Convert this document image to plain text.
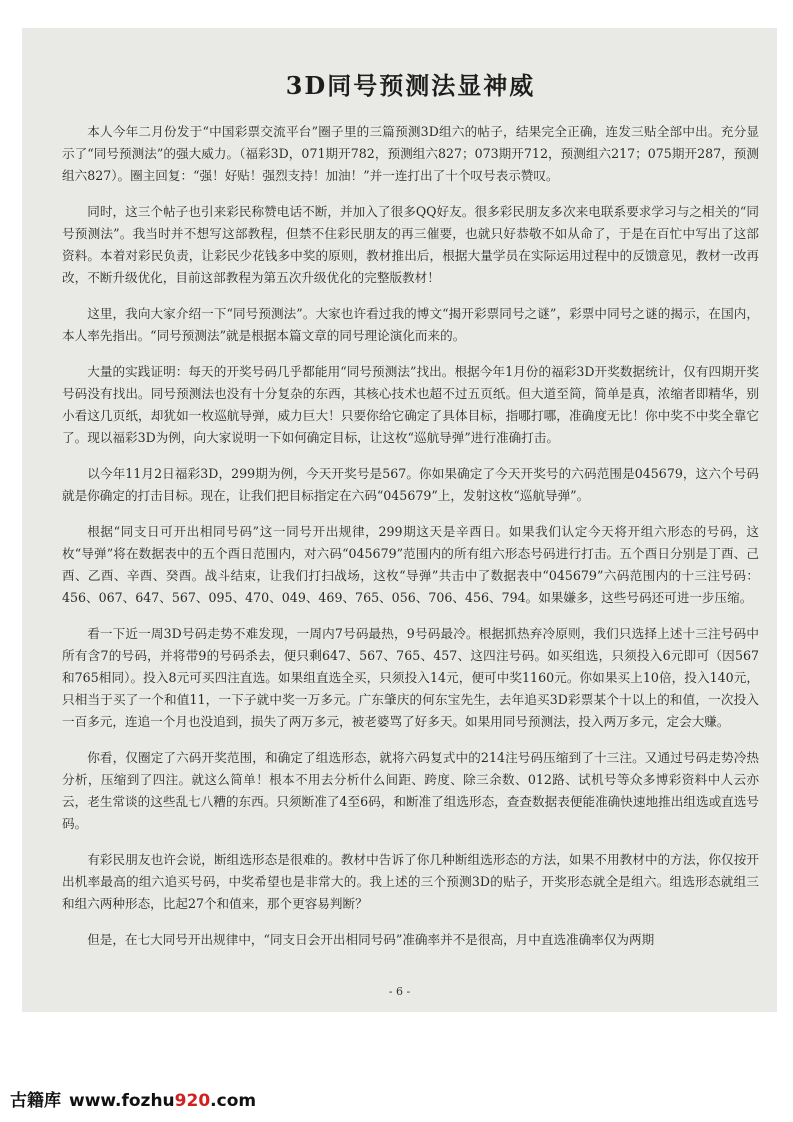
3D同号预测法显神威

本人今年二月份发于“中国彩票交流平台”圈子里的三篇预测3D组六的帖子，结果完全正确，连发三贴全部中出。充分显示了“同号预测法”的强大威力。（福彩3D，071期开782，预测组六827；073期开712，预测组六217；075期开287，预测组六827）。圈主回复：“强！好贴！强烈支持！加油！”并一连打出了十个叹号表示赞叹。

同时，这三个帖子也引来彩民称赞电话不断，并加入了很多QQ好友。很多彩民朋友多次来电联系要求学习与之相关的“同号预测法”。我当时并不想写这部教程，但禁不住彩民朋友的再三催要，也就只好恭敬不如从命了，于是在百忙中写出了这部资料。本着对彩民负责，让彩民少花钱多中奖的原则，教材推出后，根据大量学员在实际运用过程中的反馈意见，教材一改再改，不断升级优化，目前这部教程为第五次升级优化的完整版教材！

这里，我向大家介绍一下“同号预测法”。大家也许看过我的博文“揭开彩票同号之谜”，彩票中同号之谜的揭示，在国内，本人率先指出。“同号预测法”就是根据本篇文章的同号理论演化而来的。

大量的实践证明：每天的开奖号码几乎都能用“同号预测法”找出。根据今年1月份的福彩3D开奖数据统计，仅有四期开奖号码没有找出。同号预测法也没有十分复杂的东西，其核心技术也超不过五页纸。但大道至简，简单是真，浓缩者即精华，别小看这几页纸，却犹如一枚巡航导弹，威力巨大！只要你给它确定了具体目标，指哪打哪，准确度无比！你中奖不中奖全靠它了。现以福彩3D为例，向大家说明一下如何确定目标，让这枚“巡航导弹”进行准确打击。

以今年11月2日福彩3D，299期为例，今天开奖号是567。你如果确定了今天开奖号的六码范围是045679，这六个号码就是你确定的打击目标。现在，让我们把目标指定在六码“045679”上，发射这枚“巡航导弹”。

根据“同支日可开出相同号码”这一同号开出规律，299期这天是辛酉日。如果我们认定今天将开组六形态的号码，这枚“导弹”将在数据表中的五个酉日范围内，对六码“045679”范围内的所有组六形态号码进行打击。五个酉日分别是丁酉、己酉、乙酉、辛酉、癸酉。战斗结束，让我们打扫战场，这枚“导弹”共击中了数据表中“045679”六码范围内的十三注号码：456、067、647、567、095、470、049、469、765、056、706、456、794。如果嫌多，这些号码还可进一步压缩。

看一下近一周3D号码走势不难发现，一周内7号码最热，9号码最冷。根据抓热弃冷原则，我们只选择上述十三注号码中所有含7的号码，并将带9的号码杀去，便只剩647、567、765、457、这四注号码。如买组选，只须投入6元即可（因567和765相同）。投入8元可买四注直选。如果组直选全买，只须投入14元，便可中奖1160元。你如果买上10倍，投入140元，只相当于买了一个和值11，一下子就中奖一万多元。广东肇庆的何东宝先生，去年追买3D彩票某个十以上的和值，一次投入一百多元，连追一个月也没追到，损失了两万多元，被老婆骂了好多天。如果用同号预测法，投入两万多元，定会大赚。

你看，仅圈定了六码开奖范围，和确定了组选形态，就将六码复式中的214注号码压缩到了十三注。又通过号码走势冷热分析，压缩到了四注。就这么简单！根本不用去分析什么间距、跨度、除三余数、012路、试机号等众多博彩资料中人云亦云，老生常谈的这些乱七八糟的东西。只须断准了4至6码，和断准了组选形态，查查数据表便能准确快速地推出组选或直选号码。

有彩民朋友也许会说，断组选形态是很难的。教材中告诉了你几种断组选形态的方法，如果不用教材中的方法，你仅按开出机率最高的组六追买号码，中奖希望也是非常大的。我上述的三个预测3D的贴子，开奖形态就全是组六。组选形态就组三和组六两种形态，比起27个和值来，那个更容易判断？

但是，在七大同号开出规律中，“同支日会开出相同号码”准确率并不是很高，月中直选准确率仅为两期

- 6 -
古籍库 www.fozhu920.com
